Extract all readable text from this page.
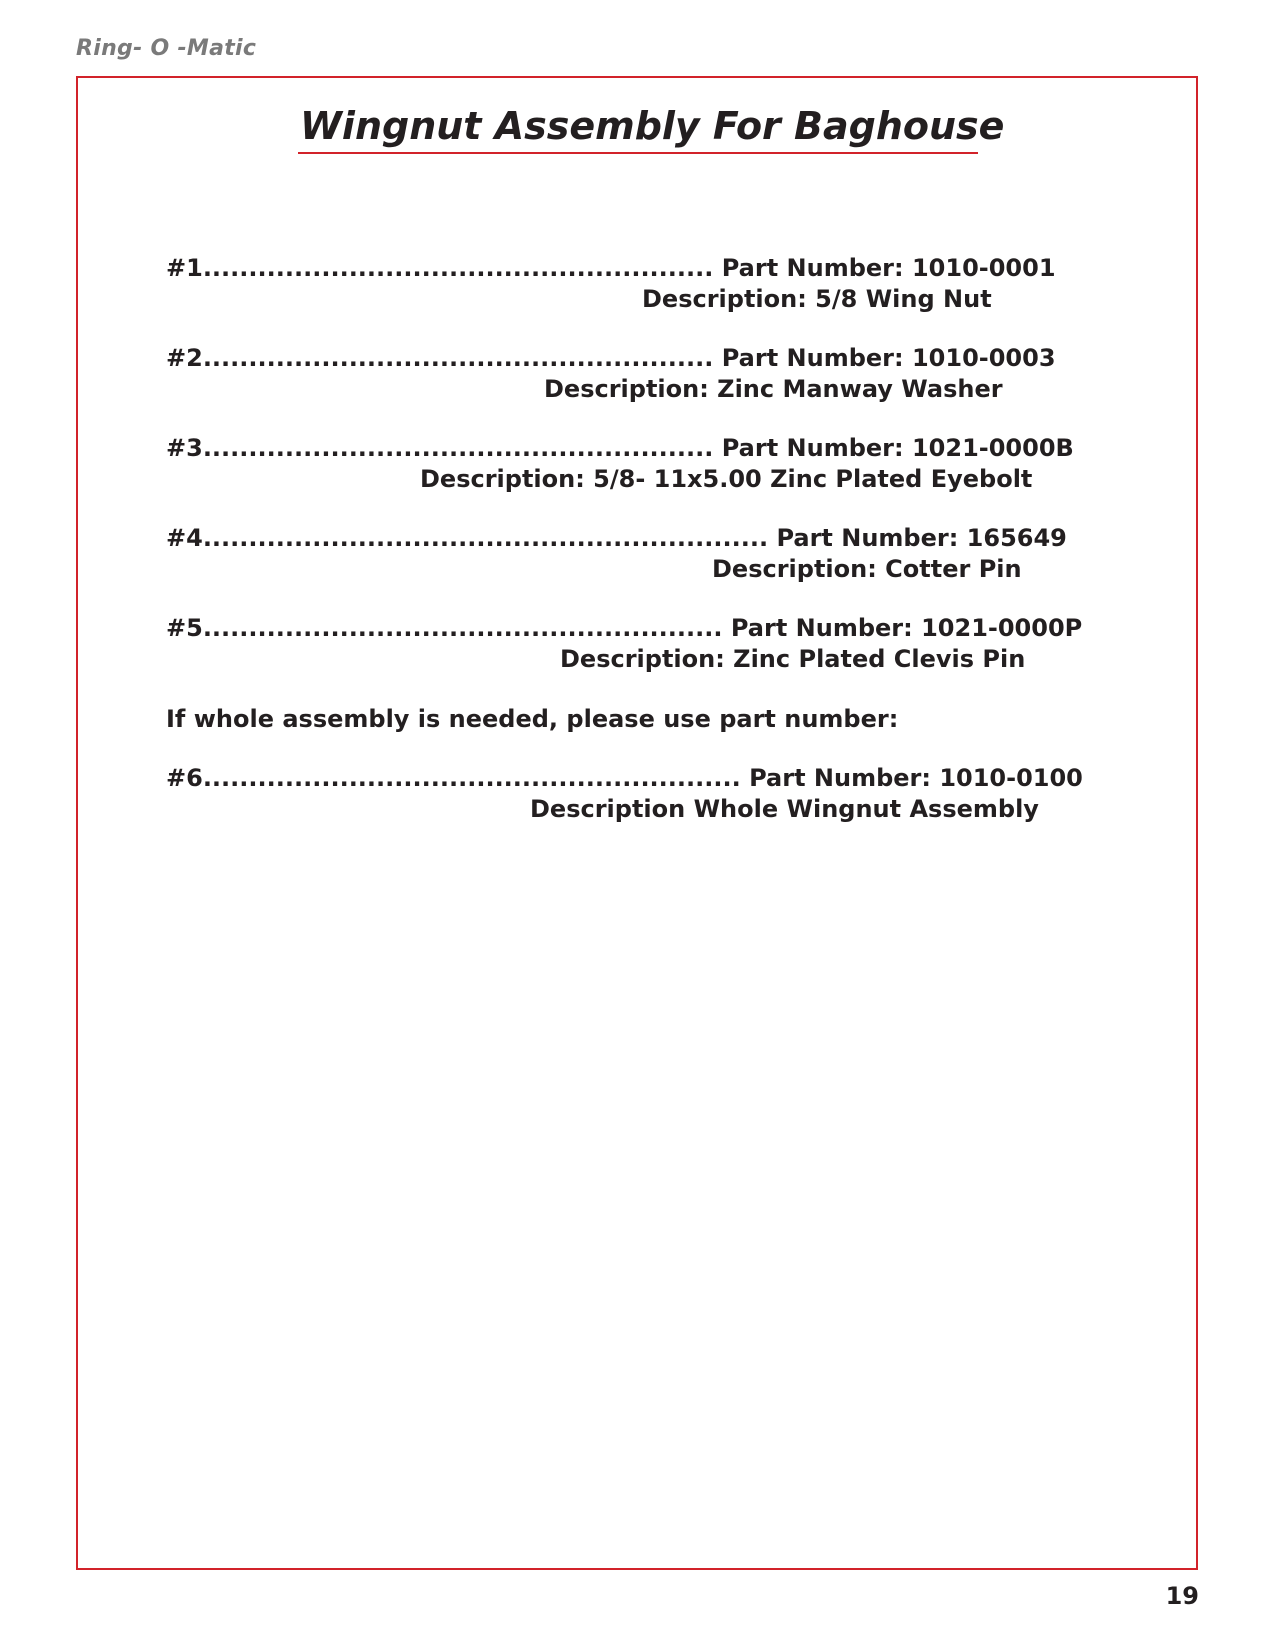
Ring- O -Matic
Wingnut Assembly For Baghouse
#1........................................................ Part Number: 1010-0001
Description: 5/8 Wing Nut
#2........................................................ Part Number: 1010-0003
Description: Zinc Manway Washer
#3........................................................ Part Number: 1021-0000B
Description: 5/8- 11x5.00 Zinc Plated Eyebolt
#4.............................................................. Part Number: 165649
Description: Cotter Pin
#5......................................................... Part Number: 1021-0000P
Description: Zinc Plated Clevis Pin
If whole assembly is needed, please use part number:
#6........................................................... Part Number: 1010-0100
Description Whole Wingnut Assembly
19
